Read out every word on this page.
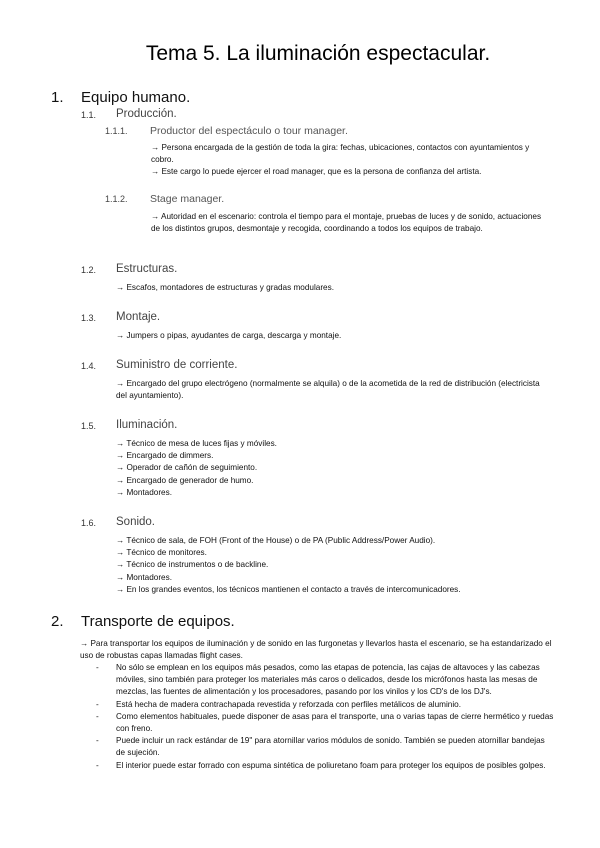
Tema 5. La iluminación espectacular.
1. Equipo humano.
1.1. Producción.
1.1.1. Productor del espectáculo o tour manager.

→ Persona encargada de la gestión de toda la gira: fechas, ubicaciones, contactos con ayuntamientos y cobro.

→ Este cargo lo puede ejercer el road manager, que es la persona de confianza del artista.

1.1.2. Stage manager.

→ Autoridad en el escenario: controla el tiempo para el montaje, pruebas de luces y de sonido, actuaciones de los distintos grupos, desmontaje y recogida, coordinando a todos los equipos de trabajo.

1.2. Estructuras.

→ Escafos, montadores de estructuras y gradas modulares.

1.3. Montaje.

→ Jumpers o pipas, ayudantes de carga, descarga y montaje.

1.4. Suministro de corriente.

→ Encargado del grupo electrógeno (normalmente se alquila) o de la acometida de la red de distribución (electricista del ayuntamiento).

1.5. Iluminación.

→ Técnico de mesa de luces fijas y móviles.

→ Encargado de dimmers.

→ Operador de cañón de seguimiento.

→ Encargado de generador de humo.

→ Montadores.

1.6. Sonido.

→ Técnico de sala, de FOH (Front of the House) o de PA (Public Address/Power Audio).

→ Técnico de monitores.

→ Técnico de instrumentos o de backline.

→ Montadores.

→ En los grandes eventos, los técnicos mantienen el contacto a través de intercomunicadores.

2. Transporte de equipos.

→ Para transportar los equipos de iluminación y de sonido en las furgonetas y llevarlos hasta el escenario, se ha estandarizado el uso de robustas capas llamadas flight cases.

- No sólo se emplean en los equipos más pesados, como las etapas de potencia, las cajas de altavoces y las cabezas móviles, sino también para proteger los materiales más caros o delicados, desde los micrófonos hasta las mesas de mezclas, las fuentes de alimentación y los procesadores, pasando por los vinilos y los CD's de los DJ's.
- Está hecha de madera contrachapada revestida y reforzada con perfiles metálicos de aluminio.
- Como elementos habituales, puede disponer de asas para el transporte, una o varias tapas de cierre hermético y ruedas con freno.
- Puede incluir un rack estándar de 19" para atornillar varios módulos de sonido. También se pueden atornillar bandejas de sujeción.
- El interior puede estar forrado con espuma sintética de poliuretano foam para proteger los equipos de posibles golpes.
